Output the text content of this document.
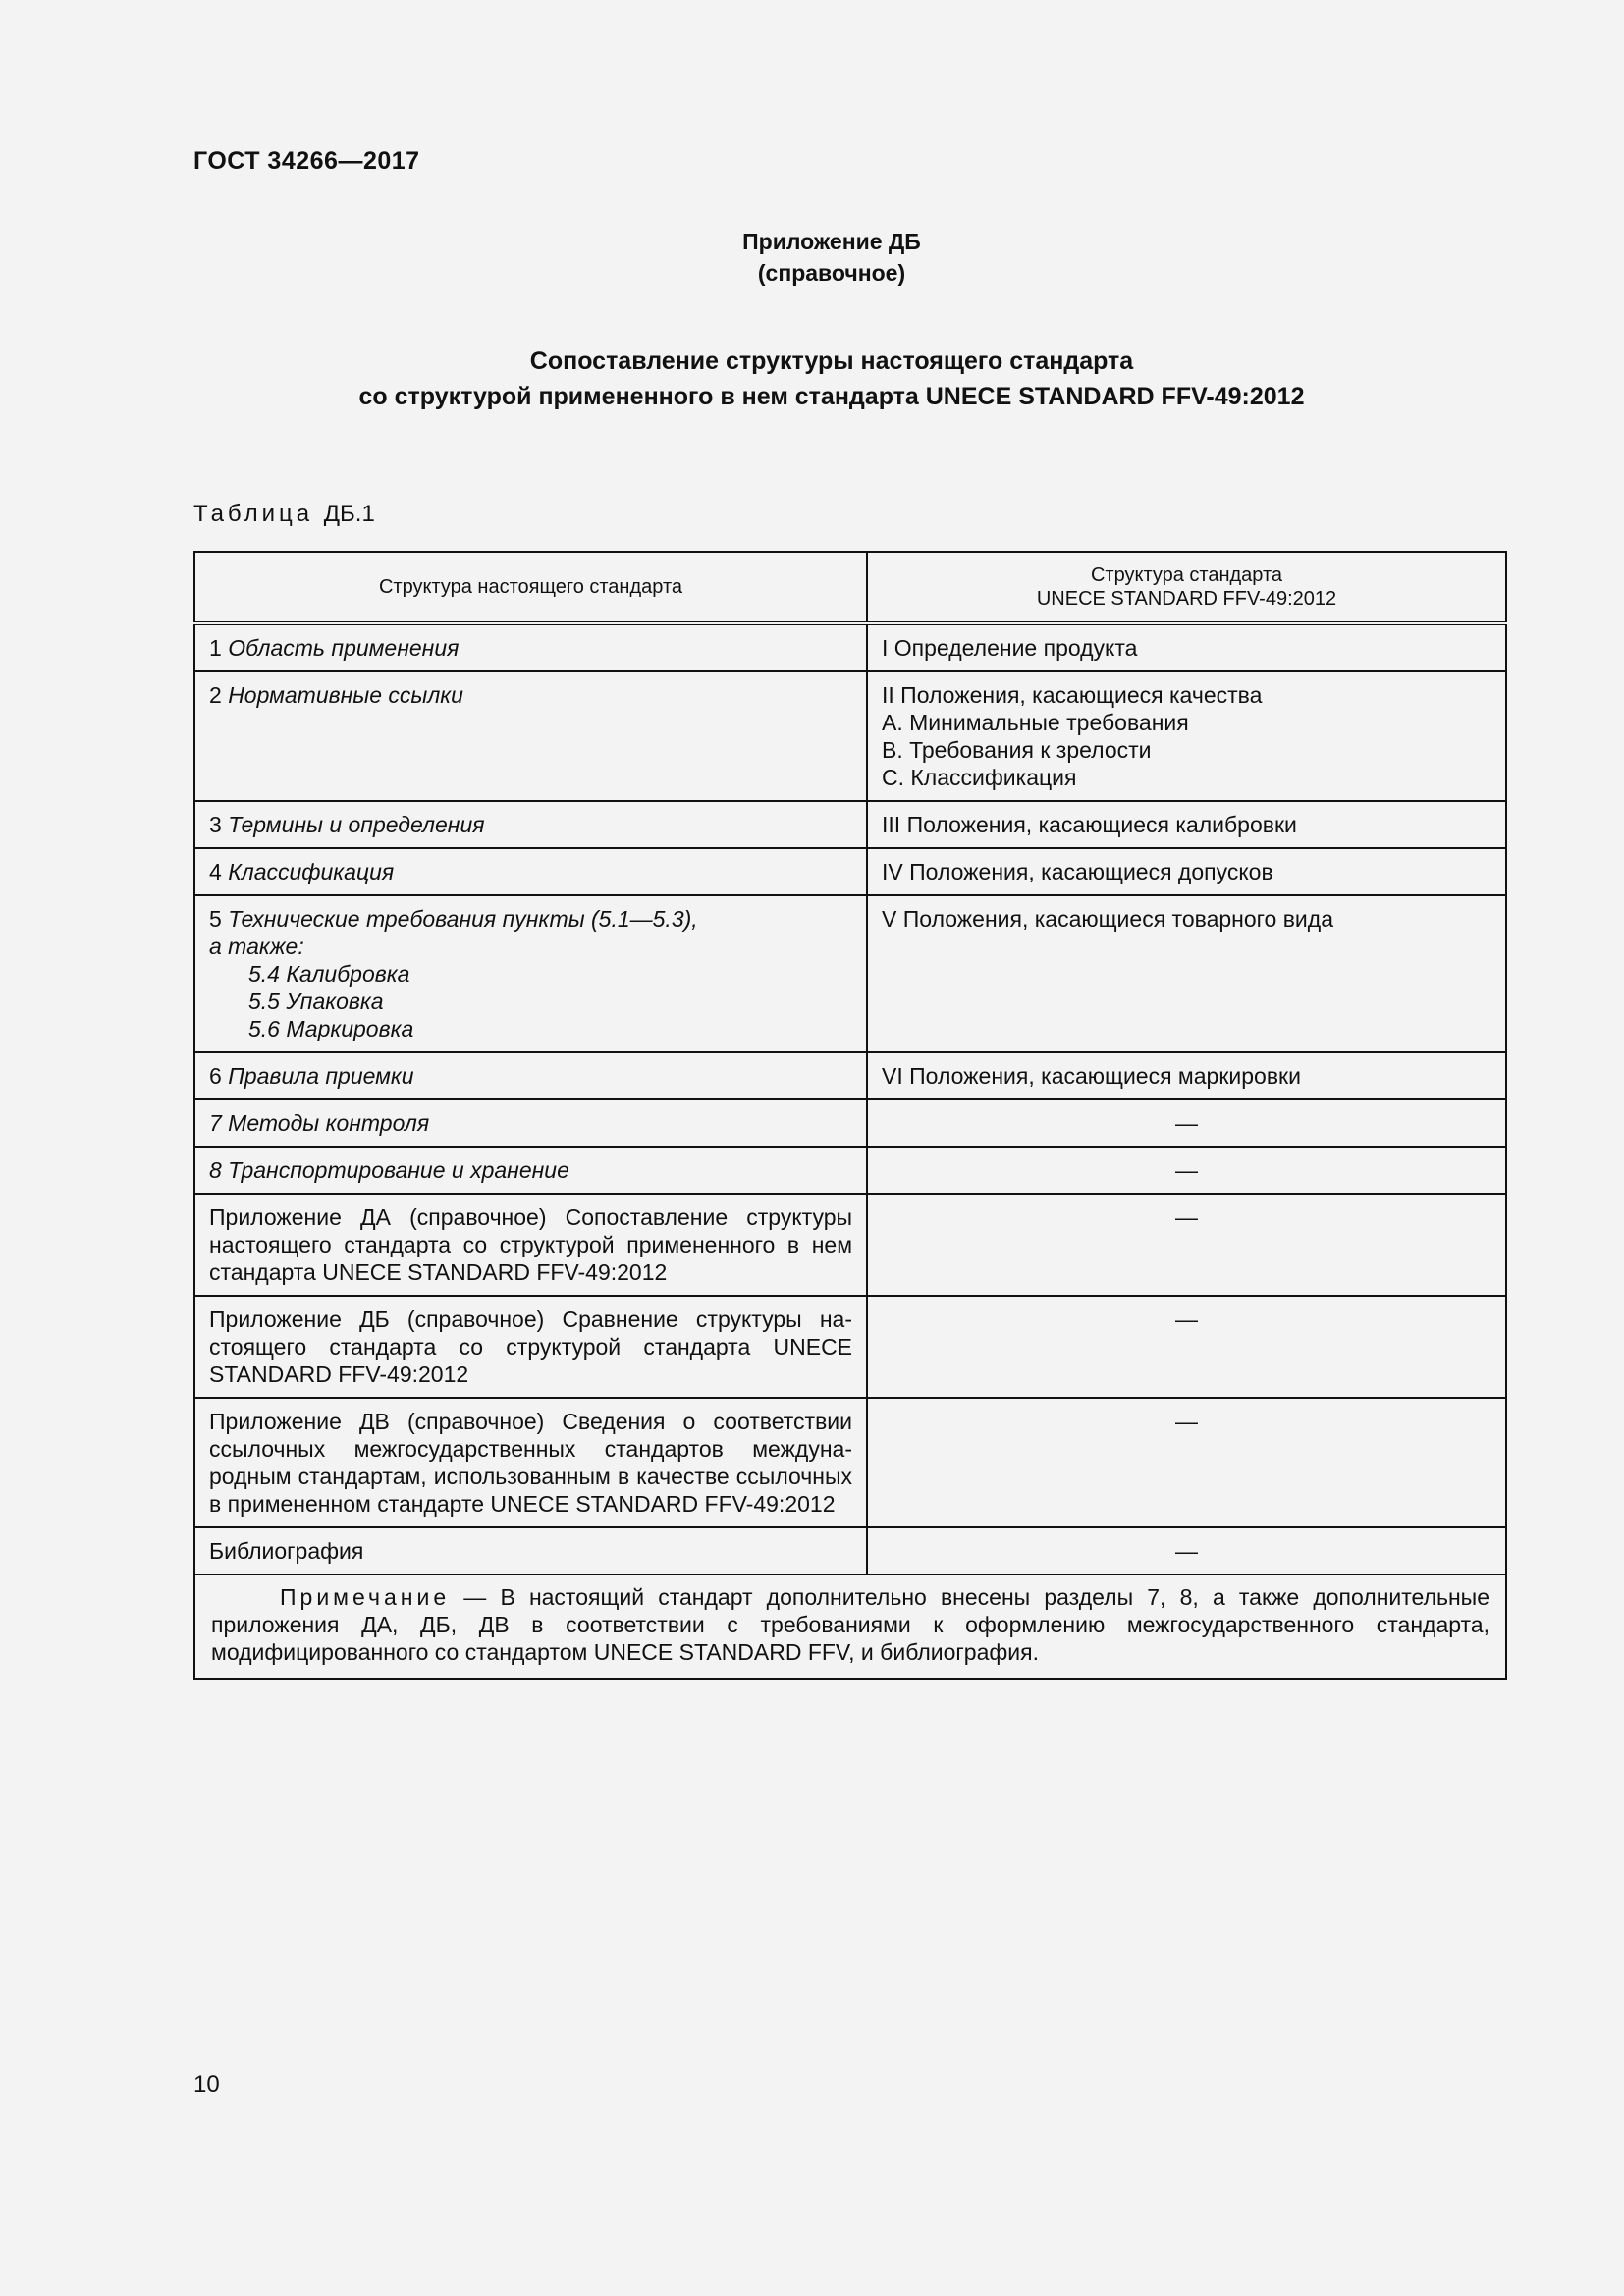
ГОСТ 34266—2017
Приложение ДБ
(справочное)
Сопоставление структуры настоящего стандарта
со структурой примененного в нем стандарта UNECE STANDARD FFV-49:2012
Таблица ДБ.1
Структура настоящего стандарта	Структура стандарта
UNECE STANDARD FFV-49:2012

1 Область применения	I Определение продукта
2 Нормативные ссылки	II Положения, касающиеся качества
А. Минимальные требования
В. Требования к зрелости
С. Классификация

3 Термины и определения	III Положения, касающиеся калибровки
4 Классификация	IV Положения, касающиеся допусков

5 Технические требования пункты (5.1—5.3),
а также:
5.4 Калибровка
5.5 Упаковка
5.6 Маркировка	V Положения, касающиеся товарного вида
6 Правила приемки	VI Положения, касающиеся маркировки
7 Методы контроля	—
8 Транспортирование и хранение	—
Приложение ДА (справочное) Сопоставление структуры настоящего стандарта со структурой примененного в нем стандарта UNECE STANDARD FFV-49:2012	—
Приложение ДБ (справочное) Сравнение структуры настоящего стандарта со структурой стандарта UNECE STANDARD FFV-49:2012	—
Приложение ДВ (справочное) Сведения о соответствии ссылочных межгосударственных стандартов международным стандартам, использованным в качестве ссылочных в примененном стандарте UNECE STANDARD FFV-49:2012	—
Библиография	—
Примечание — В настоящий стандарт дополнительно внесены разделы 7, 8, а также дополнительные приложения ДА, ДБ, ДВ в соответствии с требованиями к оформлению межгосударственного стандарта, модифицированного со стандартом UNECE STANDARD FFV, и библиография.	
10
